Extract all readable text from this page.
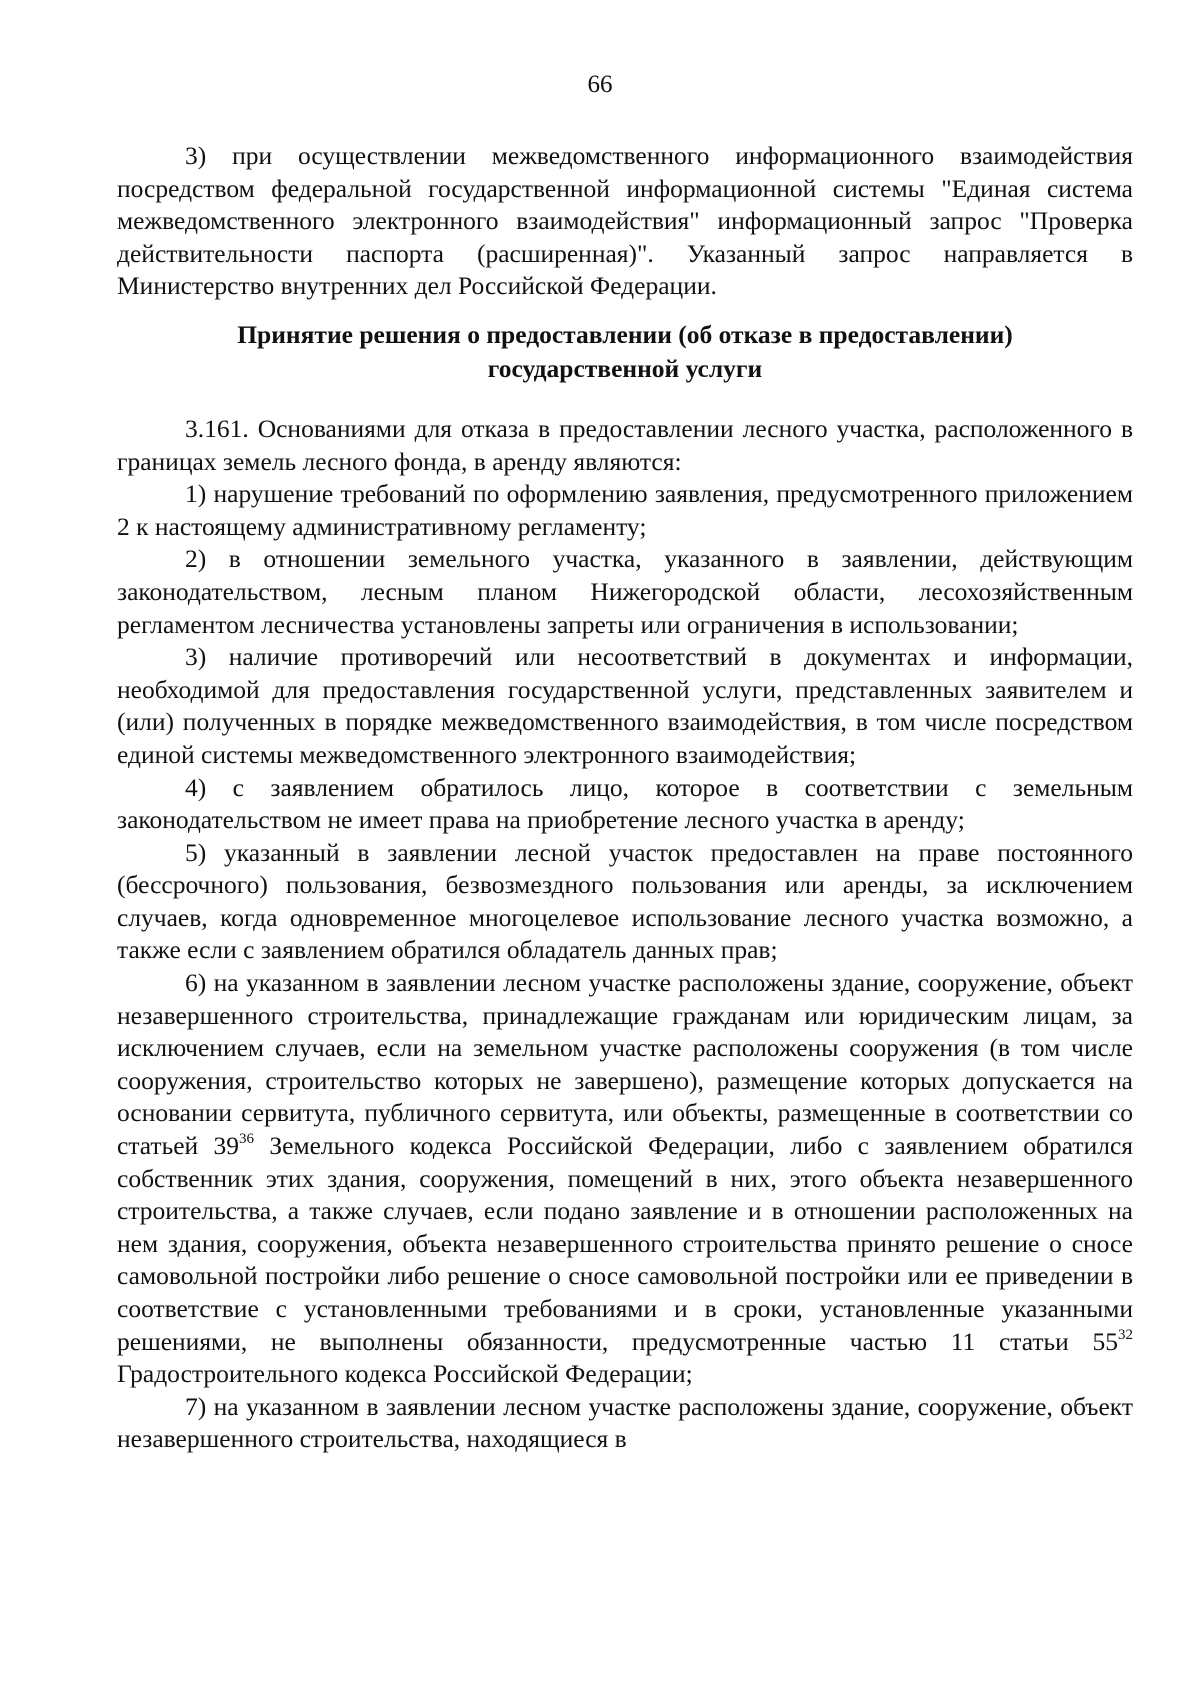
66

3) при осуществлении межведомственного информационного взаимодействия посредством федеральной государственной информационной системы "Единая система межведомственного электронного взаимодействия" информационный запрос "Проверка действительности паспорта (расширенная)". Указанный запрос направляется в Министерство внутренних дел Российской Федерации.

Принятие решения о предоставлении (об отказе в предоставлении)
государственной услуги

3.161. Основаниями для отказа в предоставлении лесного участка, расположенного в границах земель лесного фонда, в аренду являются:

1) нарушение требований по оформлению заявления, предусмотренного приложением 2 к настоящему административному регламенту;

2) в отношении земельного участка, указанного в заявлении, действующим законодательством, лесным планом Нижегородской области, лесохозяйственным регламентом лесничества установлены запреты или ограничения в использовании;

3) наличие противоречий или несоответствий в документах и информации, необходимой для предоставления государственной услуги, представленных заявителем и (или) полученных в порядке межведомственного взаимодействия, в том числе посредством единой системы межведомственного электронного взаимодействия;

4) с заявлением обратилось лицо, которое в соответствии с земельным законодательством не имеет права на приобретение лесного участка в аренду;

5) указанный в заявлении лесной участок предоставлен на праве постоянного (бессрочного) пользования, безвозмездного пользования или аренды, за исключением случаев, когда одновременное многоцелевое использование лесного участка возможно, а также если с заявлением обратился обладатель данных прав;

6) на указанном в заявлении лесном участке расположены здание, сооружение, объект незавершенного строительства, принадлежащие гражданам или юридическим лицам, за исключением случаев, если на земельном участке расположены сооружения (в том числе сооружения, строительство которых не завершено), размещение которых допускается на основании сервитута, публичного сервитута, или объекты, размещенные в соответствии со статьей $39^{36}$ Земельного кодекса Российской Федерации, либо с заявлением обратился собственник этих здания, сооружения, помещений в них, этого объекта незавершенного строительства, а также случаев, если подано заявление и в отношении расположенных на нем здания, сооружения, объекта незавершенного строительства принято решение о сносе самовольной постройки либо решение о сносе самовольной постройки или ее приведении в соответствие с установленными требованиями и в сроки, установленные указанными решениями, не выполнены обязанности, предусмотренные частью 11 статьи $55^{32}$ Градостроительного кодекса Российской Федерации;

7) на указанном в заявлении лесном участке расположены здание, сооружение, объект незавершенного строительства, находящиеся в
